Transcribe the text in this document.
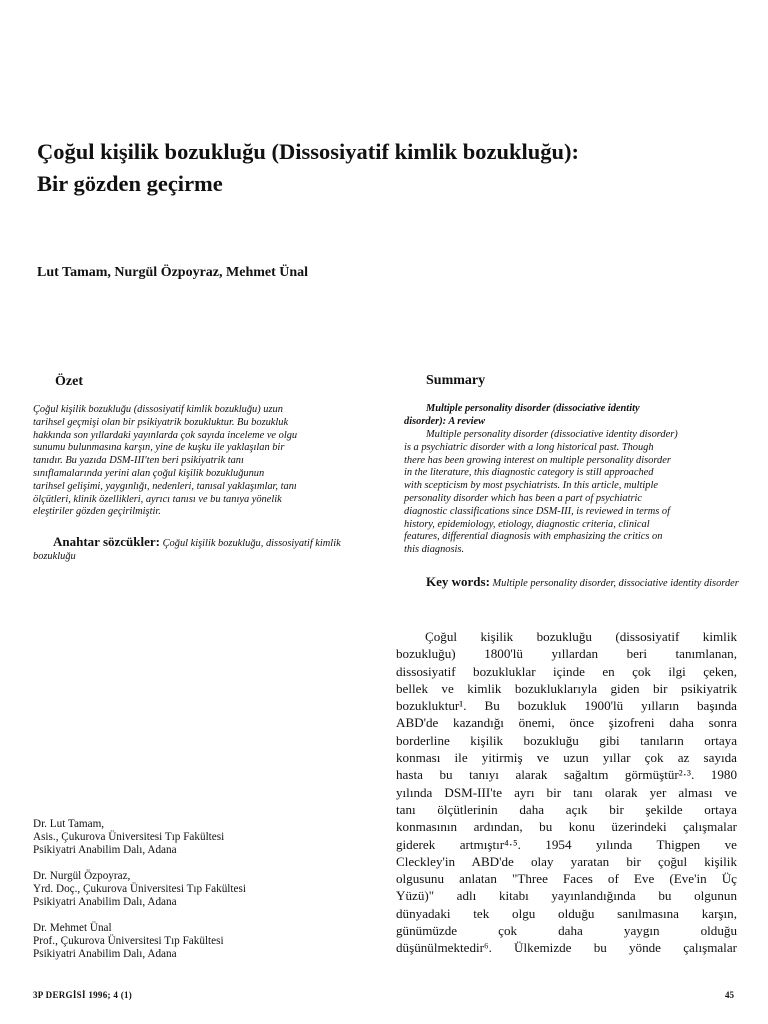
Çoğul kişilik bozukluğu (Dissosiyatif kimlik bozukluğu):
Bir gözden geçirme

Lut Tamam, Nurgül Özpoyraz, Mehmet Ünal

Özet
Çoğul kişilik bozukluğu (dissosiyatif kimlik bozukluğu) uzun
tarihsel geçmişi olan bir psikiyatrik bozukluktur. Bu bozukluk
hakkında son yıllardaki yayınlarda çok sayıda inceleme ve olgu
sunumu bulunmasına karşın, yine de kuşku ile yaklaşılan bir
tanıdır. Bu yazıda DSM-III'ten beri psikiyatrik tanı
sınıflamalarında yerini alan çoğul kişilik bozukluğunun
tarihsel gelişimi, yaygınlığı, nedenleri, tanısal yaklaşımlar, tanı
ölçütleri, klinik özellikleri, ayrıcı tanısı ve bu tanıya yönelik
eleştiriler gözden geçirilmiştir.

Anahtar sözcükler: Çoğul kişilik bozukluğu, dissosiyatif kimlik bozukluğu

Summary
Multiple personality disorder (dissociative identity
disorder): A review
Multiple personality disorder (dissociative identity disorder)
is a psychiatric disorder with a long historical past. Though
there has been growing interest on multiple personality disorder
in the literature, this diagnostic category is still approached
with scepticism by most psychiatrists. In this article, multiple
personality disorder which has been a part of psychiatric
diagnostic classifications since DSM-III, is reviewed in terms of
history, epidemiology, etiology, diagnostic criteria, clinical
features, differential diagnosis with emphasizing the critics on
this diagnosis.

Key words: Multiple personality disorder, dissociative identity disorder

Dr. Lut Tamam,
Asis., Çukurova Üniversitesi Tıp Fakültesi
Psikiyatri Anabilim Dalı, Adana
Dr. Nurgül Özpoyraz,
Yrd. Doç., Çukurova Üniversitesi Tıp Fakültesi
Psikiyatri Anabilim Dalı, Adana
Dr. Mehmet Ünal
Prof., Çukurova Üniversitesi Tıp Fakültesi
Psikiyatri Anabilim Dalı, Adana
Çoğul kişilik bozukluğu (dissosiyatif kimlik
bozukluğu) 1800'lü yıllardan beri tanımlanan,
dissosiyatif bozukluklar içinde en çok ilgi çeken,
bellek ve kimlik bozukluklarıyla giden bir psikiyatrik
bozukluktur¹. Bu bozukluk 1900'lü yılların başında
ABD'de kazandığı önemi, önce şizofreni daha sonra
borderline kişilik bozukluğu gibi tanıların ortaya
konması ile yitirmiş ve uzun yıllar çok az sayıda
hasta bu tanıyı alarak sağaltım görmüştür²·³. 1980
yılında DSM-III'te ayrı bir tanı olarak yer alması ve
tanı ölçütlerinin daha açık bir şekilde ortaya
konmasının ardından, bu konu üzerindeki çalışmalar
giderek artmıştır⁴·⁵. 1954 yılında Thigpen ve
Cleckley'in ABD'de olay yaratan bir çoğul kişilik
olgusunu anlatan "Three Faces of Eve (Eve'in Üç
Yüzü)" adlı kitabı yayınlandığında bu olgunun
dünyadaki tek olgu olduğu sanılmasına karşın,
günümüzde çok daha yaygın olduğu
düşünülmektedir⁶. Ülkemizde bu yönde çalışmalar

3P DERGİSİ 1996; 4 (1)	45
